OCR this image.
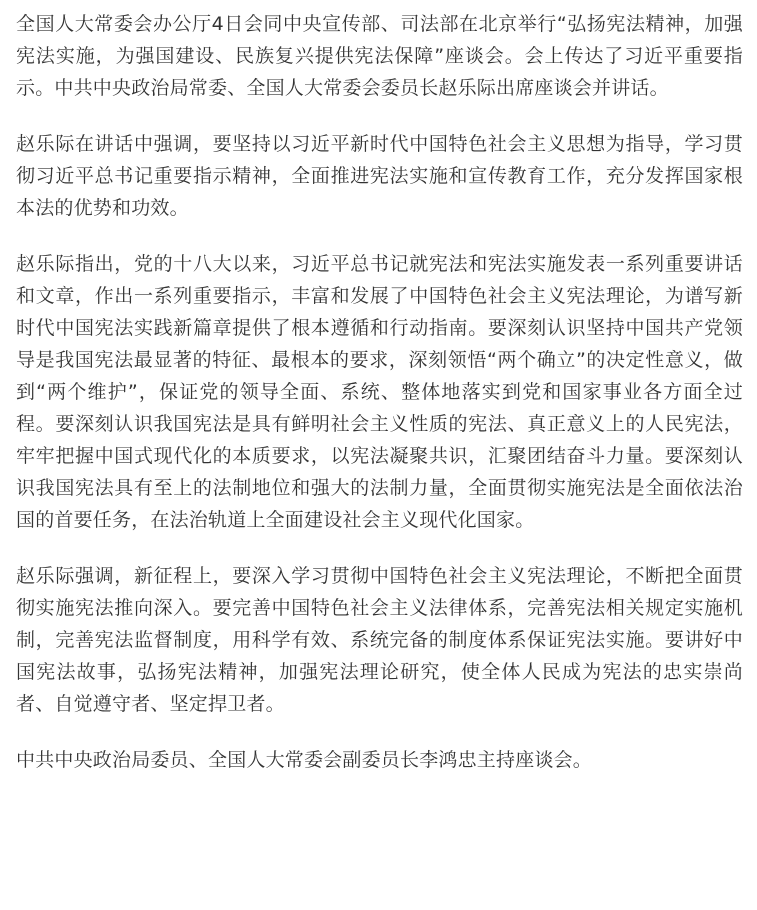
全国人大常委会办公厅4日会同中央宣传部、司法部在北京举行“弘扬宪法精神，加强宪法实施，为强国建设、民族复兴提供宪法保障”座谈会。会上传达了习近平重要指示。中共中央政治局常委、全国人大常委会委员长赵乐际出席座谈会并讲话。

赵乐际在讲话中强调，要坚持以习近平新时代中国特色社会主义思想为指导，学习贯彻习近平总书记重要指示精神，全面推进宪法实施和宣传教育工作，充分发挥国家根本法的优势和功效。

赵乐际指出，党的十八大以来，习近平总书记就宪法和宪法实施发表一系列重要讲话和文章，作出一系列重要指示，丰富和发展了中国特色社会主义宪法理论，为谱写新时代中国宪法实践新篇章提供了根本遵循和行动指南。要深刻认识坚持中国共产党领导是我国宪法最显著的特征、最根本的要求，深刻领悟“两个确立”的决定性意义，做到“两个维护”，保证党的领导全面、系统、整体地落实到党和国家事业各方面全过程。要深刻认识我国宪法是具有鲜明社会主义性质的宪法、真正意义上的人民宪法，牢牢把握中国式现代化的本质要求，以宪法凝聚共识，汇聚团结奋斗力量。要深刻认识我国宪法具有至上的法制地位和强大的法制力量，全面贯彻实施宪法是全面依法治国的首要任务，在法治轨道上全面建设社会主义现代化国家。

赵乐际强调，新征程上，要深入学习贯彻中国特色社会主义宪法理论，不断把全面贯彻实施宪法推向深入。要完善中国特色社会主义法律体系，完善宪法相关规定实施机制，完善宪法监督制度，用科学有效、系统完备的制度体系保证宪法实施。要讲好中国宪法故事，弘扬宪法精神，加强宪法理论研究，使全体人民成为宪法的忠实崇尚者、自觉遵守者、坚定捍卫者。

中共中央政治局委员、全国人大常委会副委员长李鸿忠主持座谈会。
